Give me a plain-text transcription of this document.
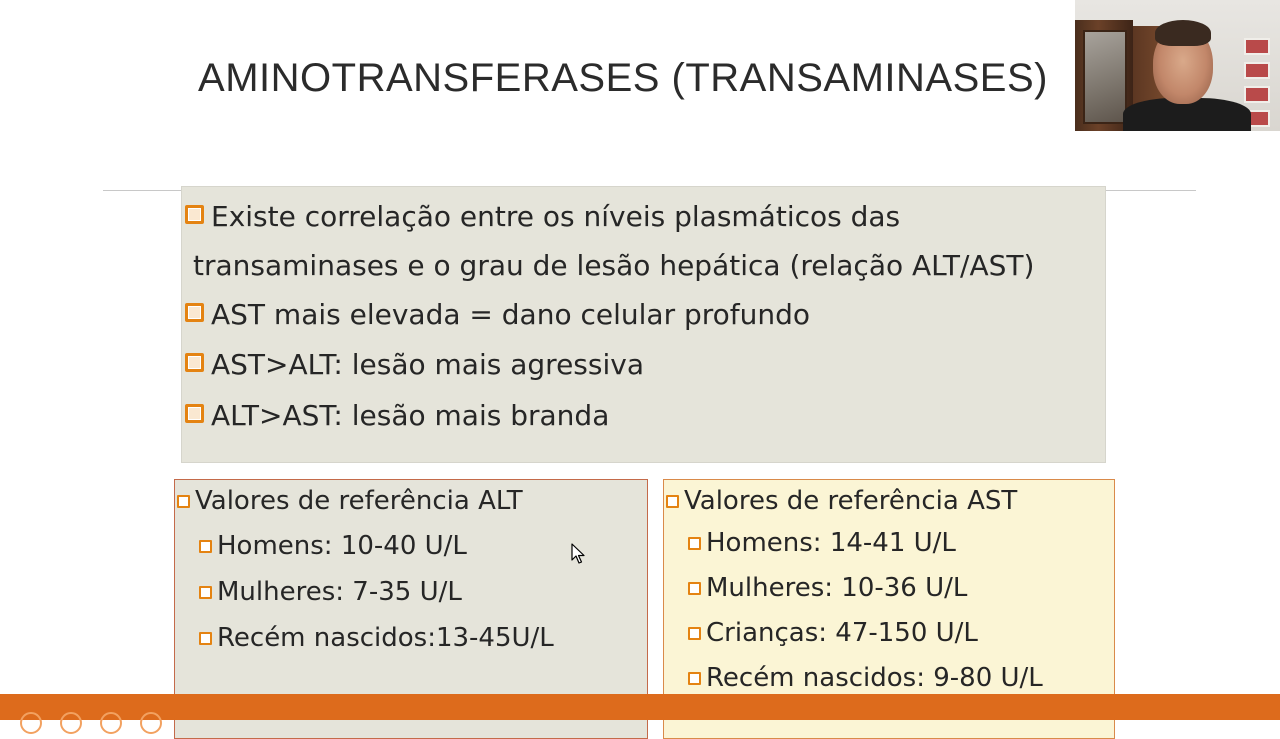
AMINOTRANSFERASES (TRANSAMINASES)
Existe correlação entre os níveis plasmáticos das
transaminases e o grau de lesão hepática (relação ALT/AST)
AST mais elevada = dano celular profundo
AST>ALT: lesão mais agressiva
ALT>AST: lesão mais branda
Valores de referência ALT
Homens: 10-40 U/L
Mulheres: 7-35 U/L
Recém nascidos:13-45U/L
Valores de referência AST
Homens: 14-41 U/L
Mulheres: 10-36 U/L
Crianças: 47-150 U/L
Recém nascidos: 9-80 U/L
